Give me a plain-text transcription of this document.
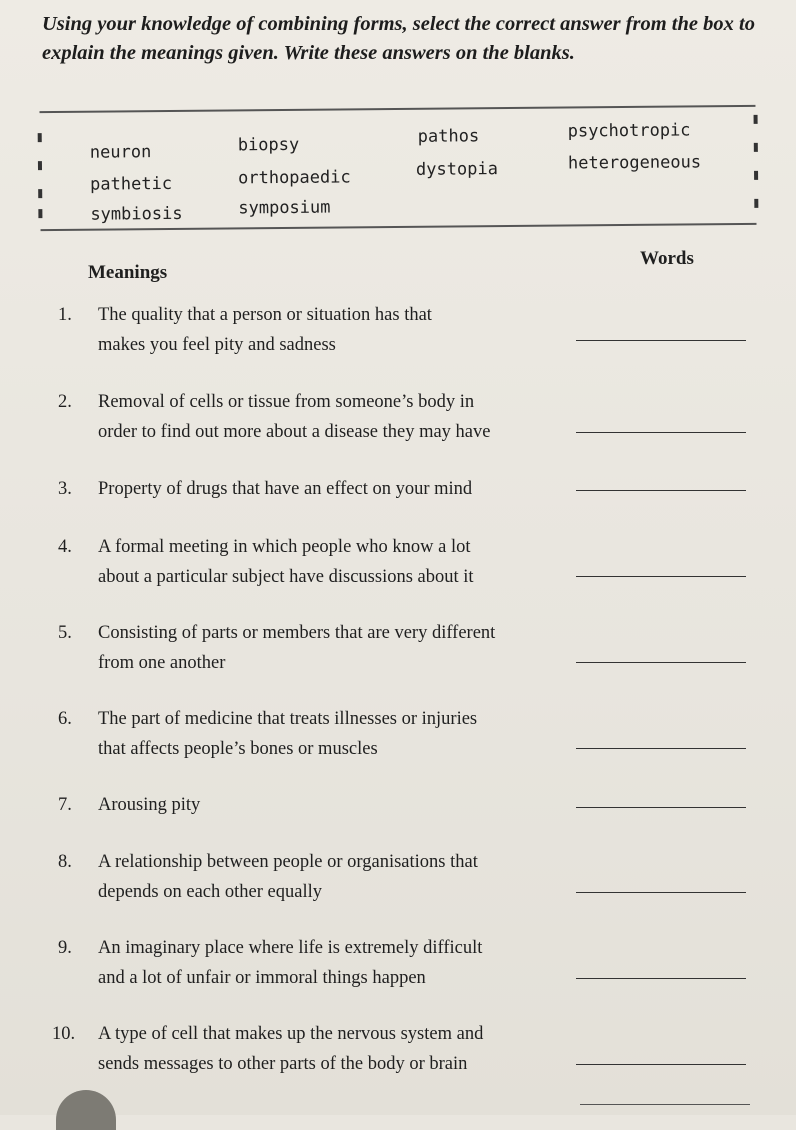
Using your knowledge of combining forms, select the correct answer from the box to explain the meanings given. Write these answers on the blanks.
neuron	biopsy	pathos	psychotropic
pathetic	orthopaedic	dystopia	heterogeneous
symbiosis	symposium
Meanings
Words
1. The quality that a person or situation has that
makes you feel pity and sadness
2. Removal of cells or tissue from someone’s body in
order to find out more about a disease they may have
3. Property of drugs that have an effect on your mind
4. A formal meeting in which people who know a lot
about a particular subject have discussions about it
5. Consisting of parts or members that are very different
from one another
6. The part of medicine that treats illnesses or injuries
that affects people’s bones or muscles
7. Arousing pity
8. A relationship between people or organisations that
depends on each other equally
9. An imaginary place where life is extremely difficult
and a lot of unfair or immoral things happen
10. A type of cell that makes up the nervous system and
sends messages to other parts of the body or brain
